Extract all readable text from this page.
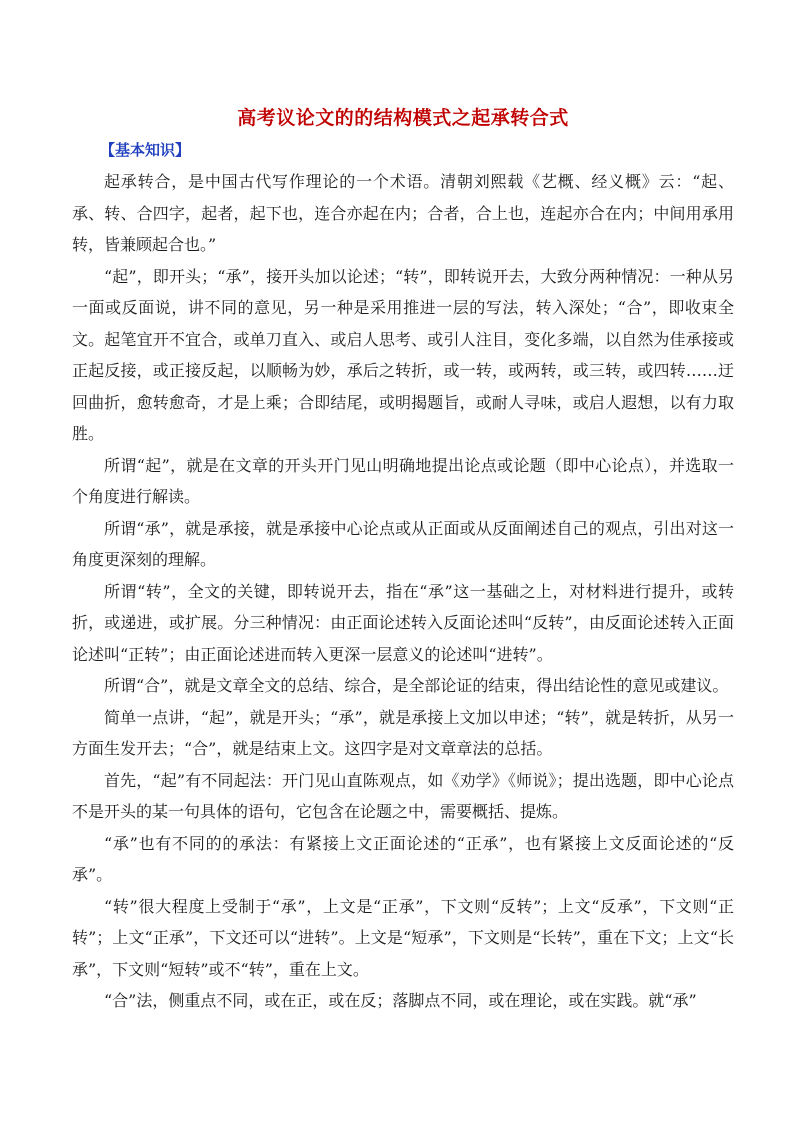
高考议论文的的结构模式之起承转合式
【基本知识】

起承转合，是中国古代写作理论的一个术语。清朝刘熙载《艺概、经义概》云：“起、承、转、合四字，起者，起下也，连合亦起在内；合者，合上也，连起亦合在内；中间用承用转，皆兼顾起合也。”

“起”，即开头；“承”，接开头加以论述；“转”，即转说开去，大致分两种情况：一种从另一面或反面说，讲不同的意见，另一种是采用推进一层的写法，转入深处；“合”，即收束全文。起笔宜开不宜合，或单刀直入、或启人思考、或引人注目，变化多端，以自然为佳承接或正起反接，或正接反起，以顺畅为妙，承后之转折，或一转，或两转，或三转，或四转……迂回曲折，愈转愈奇，才是上乘；合即结尾，或明揭题旨，或耐人寻味，或启人遐想，以有力取胜。

所谓“起”，就是在文章的开头开门见山明确地提出论点或论题（即中心论点），并选取一个角度进行解读。

所谓“承”，就是承接，就是承接中心论点或从正面或从反面阐述自己的观点，引出对这一角度更深刻的理解。

所谓“转”，全文的关键，即转说开去，指在“承”这一基础之上，对材料进行提升，或转折，或递进，或扩展。分三种情况：由正面论述转入反面论述叫“反转”，由反面论述转入正面论述叫“正转”；由正面论述进而转入更深一层意义的论述叫“进转”。

所谓“合”，就是文章全文的总结、综合，是全部论证的结束，得出结论性的意见或建议。

简单一点讲，“起”，就是开头；“承”，就是承接上文加以申述；“转”，就是转折，从另一方面生发开去；“合”，就是结束上文。这四字是对文章章法的总括。

首先，“起”有不同起法：开门见山直陈观点，如《劝学》《师说》；提出选题，即中心论点不是开头的某一句具体的语句，它包含在论题之中，需要概括、提炼。

“承”也有不同的的承法：有紧接上文正面论述的“正承”，也有紧接上文反面论述的“反承”。

“转”很大程度上受制于“承”，上文是“正承”，下文则“反转”；上文“反承”，下文则“正转”；上文“正承”，下文还可以“进转”。上文是“短承”，下文则是“长转”，重在下文；上文“长承”，下文则“短转”或不“转”，重在上文。

“合”法，侧重点不同，或在正，或在反；落脚点不同，或在理论，或在实践。就“承”
